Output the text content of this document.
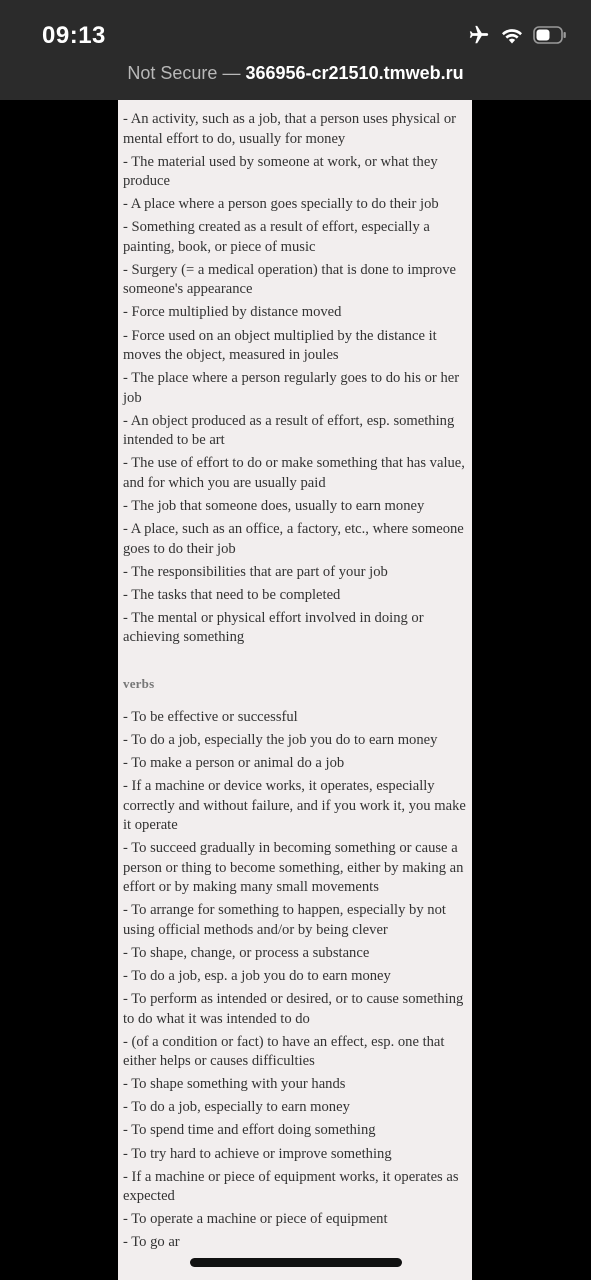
09:13
Not Secure — 366956-cr21510.tmweb.ru
- An activity, such as a job, that a person uses physical or mental effort to do, usually for money
- The material used by someone at work, or what they produce
- A place where a person goes specially to do their job
- Something created as a result of effort, especially a painting, book, or piece of music
- Surgery (= a medical operation) that is done to improve someone's appearance
- Force multiplied by distance moved
- Force used on an object multiplied by the distance it moves the object, measured in joules
- The place where a person regularly goes to do his or her job
- An object produced as a result of effort, esp. something intended to be art
- The use of effort to do or make something that has value, and for which you are usually paid
- The job that someone does, usually to earn money
- A place, such as an office, a factory, etc., where someone goes to do their job
- The responsibilities that are part of your job
- The tasks that need to be completed
- The mental or physical effort involved in doing or achieving something
verbs
- To be effective or successful
- To do a job, especially the job you do to earn money
- To make a person or animal do a job
- If a machine or device works, it operates, especially correctly and without failure, and if you work it, you make it operate
- To succeed gradually in becoming something or cause a person or thing to become something, either by making an effort or by making many small movements
- To arrange for something to happen, especially by not using official methods and/or by being clever
- To shape, change, or process a substance
- To do a job, esp. a job you do to earn money
- To perform as intended or desired, or to cause something to do what it was intended to do
- (of a condition or fact) to have an effect, esp. one that either helps or causes difficulties
- To shape something with your hands
- To do a job, especially to earn money
- To spend time and effort doing something
- To try hard to achieve or improve something
- If a machine or piece of equipment works, it operates as expected
- To operate a machine or piece of equipment
- To go ar
